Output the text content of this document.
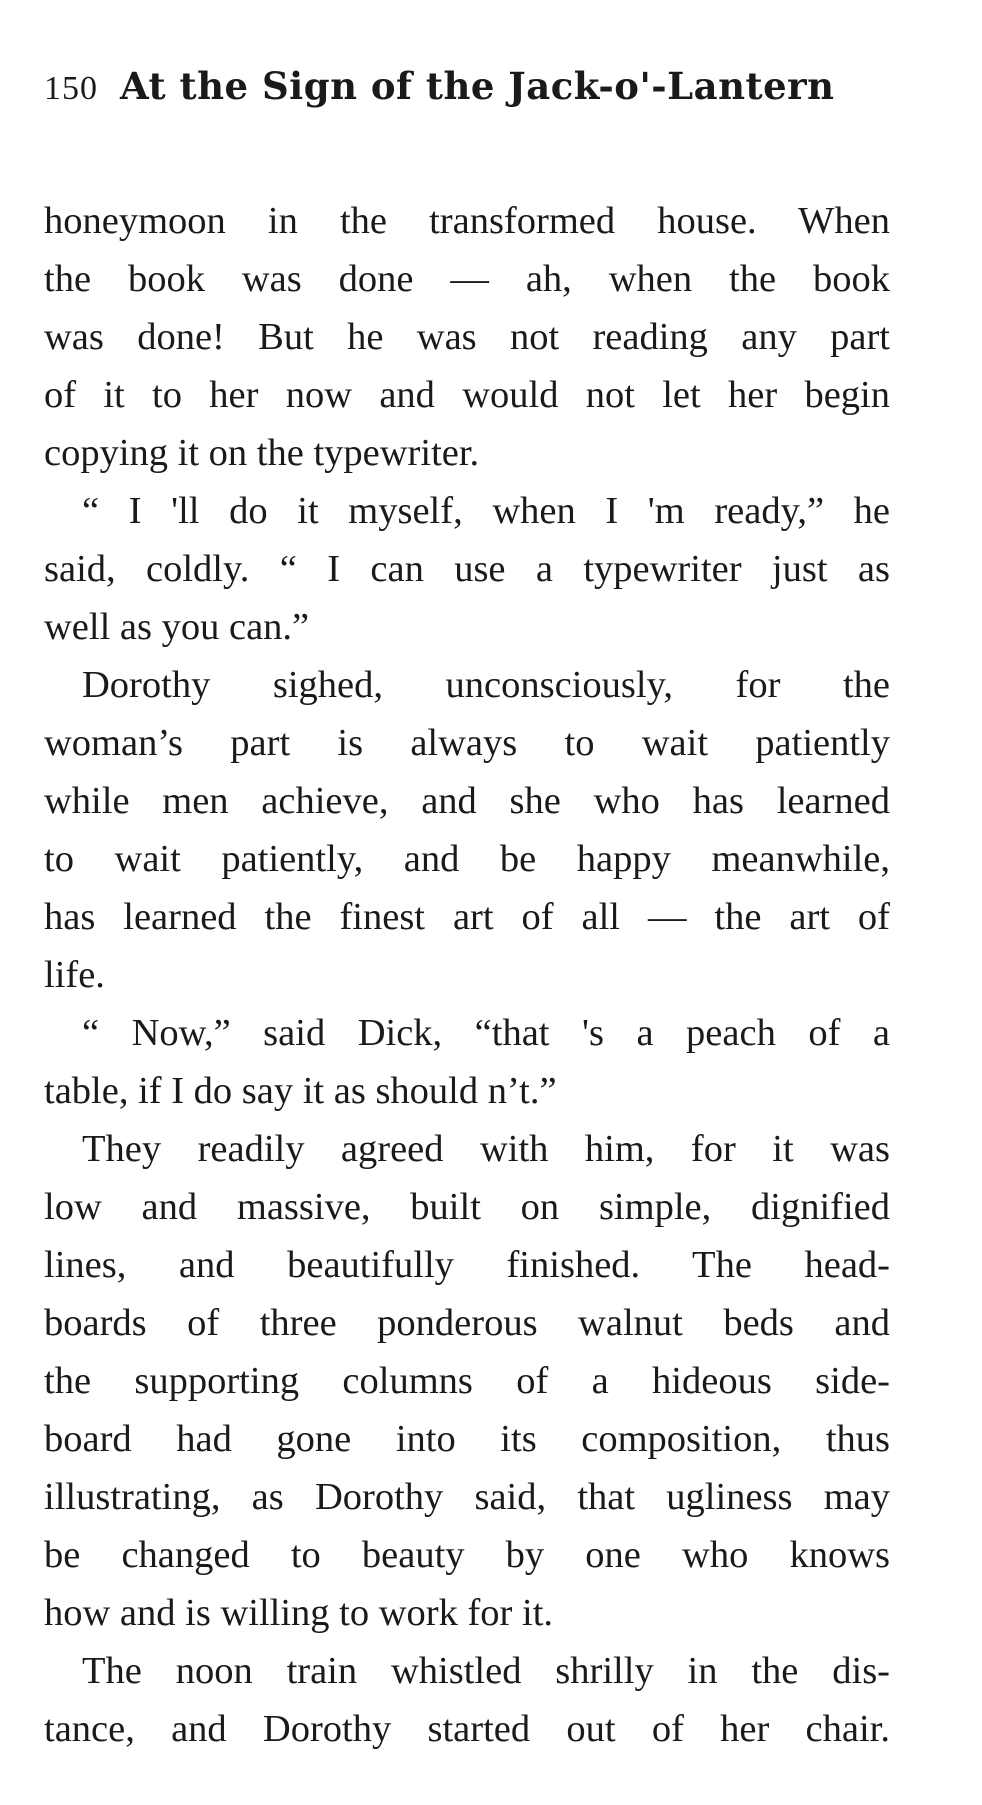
150 At the Sign of the Jack-o'-Lantern
honeymoon in the transformed house. When
the book was done — ah, when the book
was done! But he was not reading any part
of it to her now and would not let her begin
copying it on the typewriter.
“ I 'll do it myself, when I 'm ready,” he
said, coldly. “ I can use a typewriter just as
well as you can.”
Dorothy sighed, unconsciously, for the
woman’s part is always to wait patiently
while men achieve, and she who has learned
to wait patiently, and be happy meanwhile,
has learned the finest art of all — the art of
life.
“ Now,” said Dick, “that 's a peach of a
table, if I do say it as should n’t.”
They readily agreed with him, for it was
low and massive, built on simple, dignified
lines, and beautifully finished. The head-
boards of three ponderous walnut beds and
the supporting columns of a hideous side-
board had gone into its composition, thus
illustrating, as Dorothy said, that ugliness may
be changed to beauty by one who knows
how and is willing to work for it.
The noon train whistled shrilly in the dis-
tance, and Dorothy started out of her chair.
